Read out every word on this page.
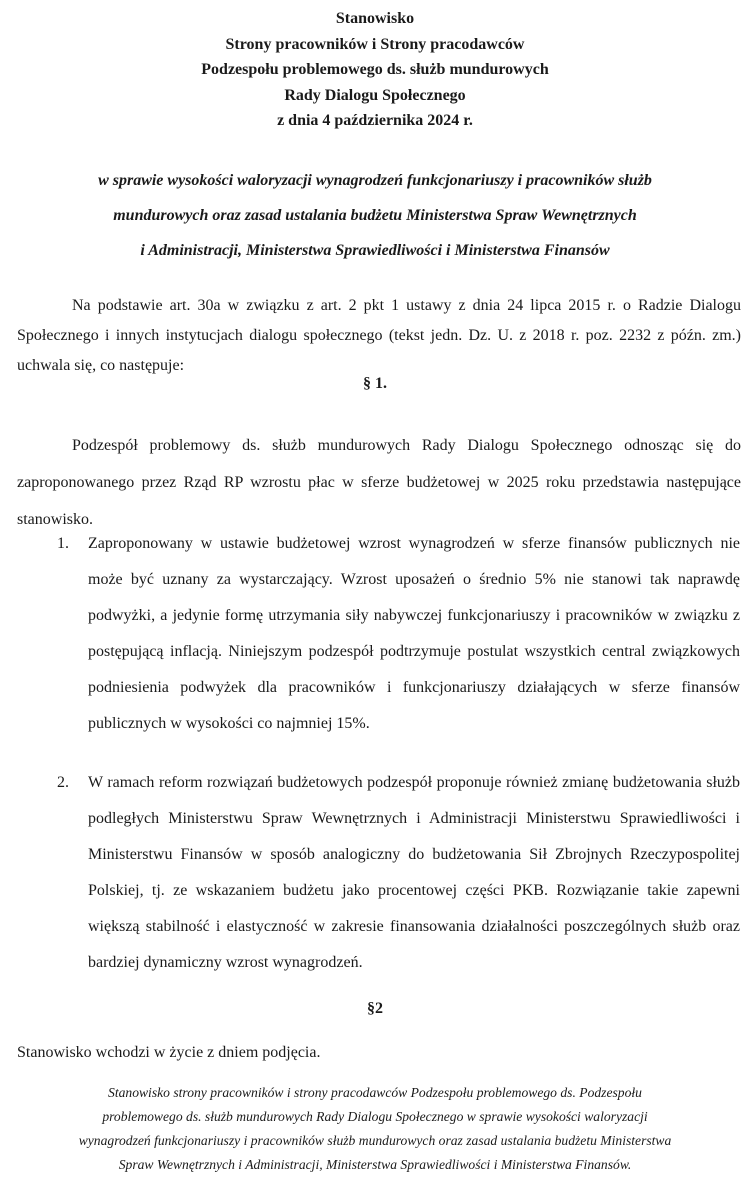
Stanowisko
Strony pracowników i Strony pracodawców
Podzespołu problemowego ds. służb mundurowych
Rady Dialogu Społecznego
z dnia 4 października 2024 r.
w sprawie wysokości waloryzacji wynagrodzeń funkcjonariuszy i pracowników służb
mundurowych oraz zasad ustalania budżetu Ministerstwa Spraw Wewnętrznych
i Administracji, Ministerstwa Sprawiedliwości i Ministerstwa Finansów
Na podstawie art. 30a w związku z art. 2 pkt 1 ustawy z dnia 24 lipca 2015 r. o Radzie Dialogu Społecznego i innych instytucjach dialogu społecznego (tekst jedn. Dz. U. z 2018 r. poz. 2232 z późn. zm.) uchwala się, co następuje:
§ 1.
Podzespół problemowy ds. służb mundurowych Rady Dialogu Społecznego odnosząc się do zaproponowanego przez Rząd RP wzrostu płac w sferze budżetowej w 2025 roku przedstawia następujące stanowisko.
1. Zaproponowany w ustawie budżetowej wzrost wynagrodzeń w sferze finansów publicznych nie może być uznany za wystarczający. Wzrost uposażeń o średnio 5% nie stanowi tak naprawdę podwyżki, a jedynie formę utrzymania siły nabywczej funkcjonariuszy i pracowników w związku z postępującą inflacją. Niniejszym podzespół podtrzymuje postulat wszystkich central związkowych podniesienia podwyżek dla pracowników i funkcjonariuszy działających w sferze finansów publicznych w wysokości co najmniej 15%.
2. W ramach reform rozwiązań budżetowych podzespół proponuje również zmianę budżetowania służb podległych Ministerstwu Spraw Wewnętrznych i Administracji Ministerstwu Sprawiedliwości i Ministerstwu Finansów w sposób analogiczny do budżetowania Sił Zbrojnych Rzeczypospolitej Polskiej, tj. ze wskazaniem budżetu jako procentowej części PKB. Rozwiązanie takie zapewni większą stabilność i elastyczność w zakresie finansowania działalności poszczególnych służb oraz bardziej dynamiczny wzrost wynagrodzeń.
§2
Stanowisko wchodzi w życie z dniem podjęcia.
Stanowisko strony pracowników i strony pracodawców Podzespołu problemowego ds. Podzespołu
problemowego ds. służb mundurowych Rady Dialogu Społecznego w sprawie wysokości waloryzacji
wynagrodzeń funkcjonariuszy i pracowników służb mundurowych oraz zasad ustalania budżetu Ministerstwa
Spraw Wewnętrznych i Administracji, Ministerstwa Sprawiedliwości i Ministerstwa Finansów.
